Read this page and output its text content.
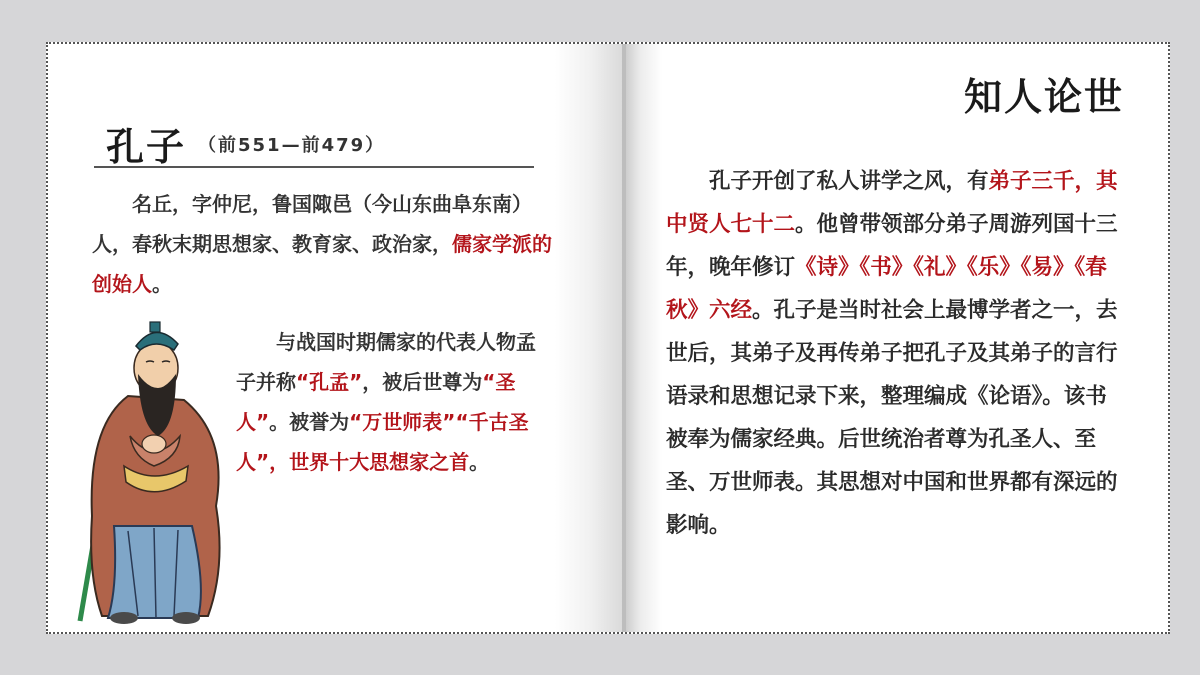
孔子 （前551—前479）
名丘，字仲尼，鲁国陬邑（今山东曲阜东南）人，春秋末期思想家、教育家、政治家，儒家学派的创始人。
与战国时期儒家的代表人物孟子并称“孔孟”，被后世尊为“圣人”。被誉为“万世师表”“千古圣人”，世界十大思想家之首。
知人论世
孔子开创了私人讲学之风，有弟子三千，其中贤人七十二。他曾带领部分弟子周游列国十三年，晚年修订《诗》《书》《礼》《乐》《易》《春秋》六经。孔子是当时社会上最博学者之一，去世后，其弟子及再传弟子把孔子及其弟子的言行语录和思想记录下来，整理编成《论语》。该书被奉为儒家经典。后世统治者尊为孔圣人、至圣、万世师表。其思想对中国和世界都有深远的影响。
